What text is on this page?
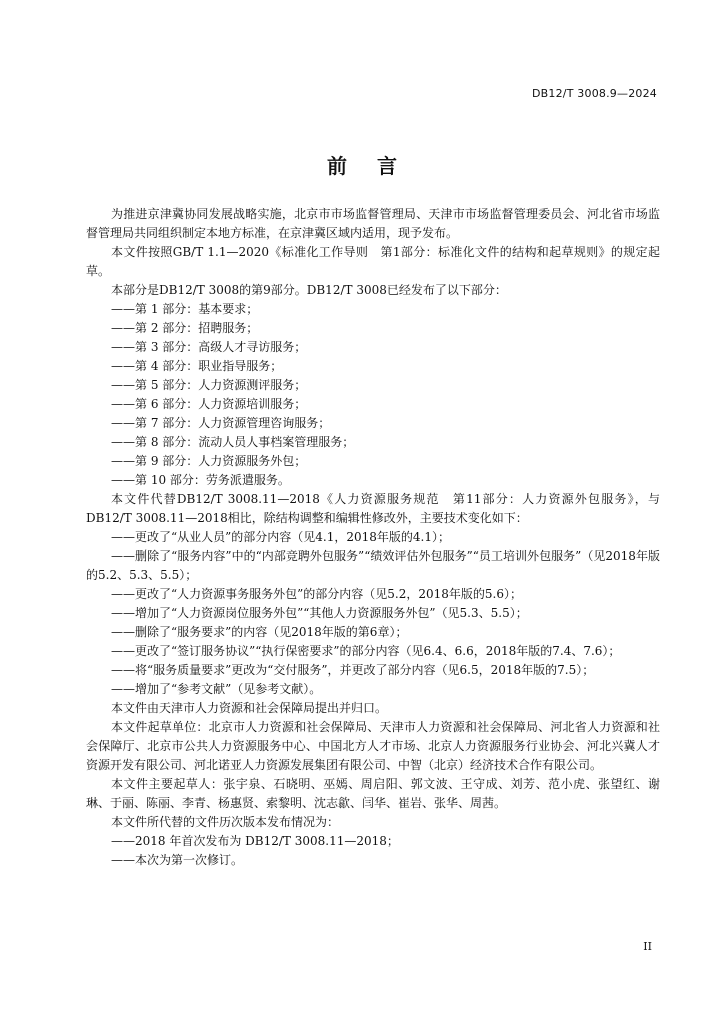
DB12/T 3008.9—2024
前言

为推进京津冀协同发展战略实施，北京市市场监督管理局、天津市市场监督管理委员会、河北省市场监督管理局共同组织制定本地方标准，在京津冀区域内适用，现予发布。

本文件按照GB/T 1.1—2020《标准化工作导则　第1部分：标准化文件的结构和起草规则》的规定起草。

本部分是DB12/T 3008的第9部分。DB12/T 3008已经发布了以下部分：

——第 1 部分：基本要求；

——第 2 部分：招聘服务；

——第 3 部分：高级人才寻访服务；

——第 4 部分：职业指导服务；

——第 5 部分：人力资源测评服务；

——第 6 部分：人力资源培训服务；

——第 7 部分：人力资源管理咨询服务；

——第 8 部分：流动人员人事档案管理服务；

——第 9 部分：人力资源服务外包；

——第 10 部分：劳务派遣服务。

本文件代替DB12/T 3008.11—2018《人力资源服务规范　第11部分：人力资源外包服务》，与DB12/T 3008.11—2018相比，除结构调整和编辑性修改外，主要技术变化如下：

——更改了“从业人员”的部分内容（见4.1，2018年版的4.1）；

——删除了“服务内容”中的“内部竞聘外包服务”“绩效评估外包服务”“员工培训外包服务”（见2018年版的5.2、5.3、5.5）；

——更改了“人力资源事务服务外包”的部分内容（见5.2，2018年版的5.6）；

——增加了“人力资源岗位服务外包”“其他人力资源服务外包”（见5.3、5.5）；

——删除了“服务要求”的内容（见2018年版的第6章）；

——更改了“签订服务协议”“执行保密要求”的部分内容（见6.4、6.6，2018年版的7.4、7.6）；

——将“服务质量要求”更改为“交付服务”，并更改了部分内容（见6.5，2018年版的7.5）；

——增加了“参考文献”（见参考文献）。

本文件由天津市人力资源和社会保障局提出并归口。

本文件起草单位：北京市人力资源和社会保障局、天津市人力资源和社会保障局、河北省人力资源和社会保障厅、北京市公共人力资源服务中心、中国北方人才市场、北京人力资源服务行业协会、河北兴冀人才资源开发有限公司、河北诺亚人力资源发展集团有限公司、中智（北京）经济技术合作有限公司。

本文件主要起草人：张宇泉、石晓明、巫嫣、周启阳、郭文波、王守成、刘芳、范小虎、张望红、谢琳、于丽、陈丽、李青、杨惠贤、索黎明、沈志歙、闫华、崔岩、张华、周茜。

本文件所代替的文件历次版本发布情况为：

——2018 年首次发布为 DB12/T 3008.11—2018；

——本次为第一次修订。

II
